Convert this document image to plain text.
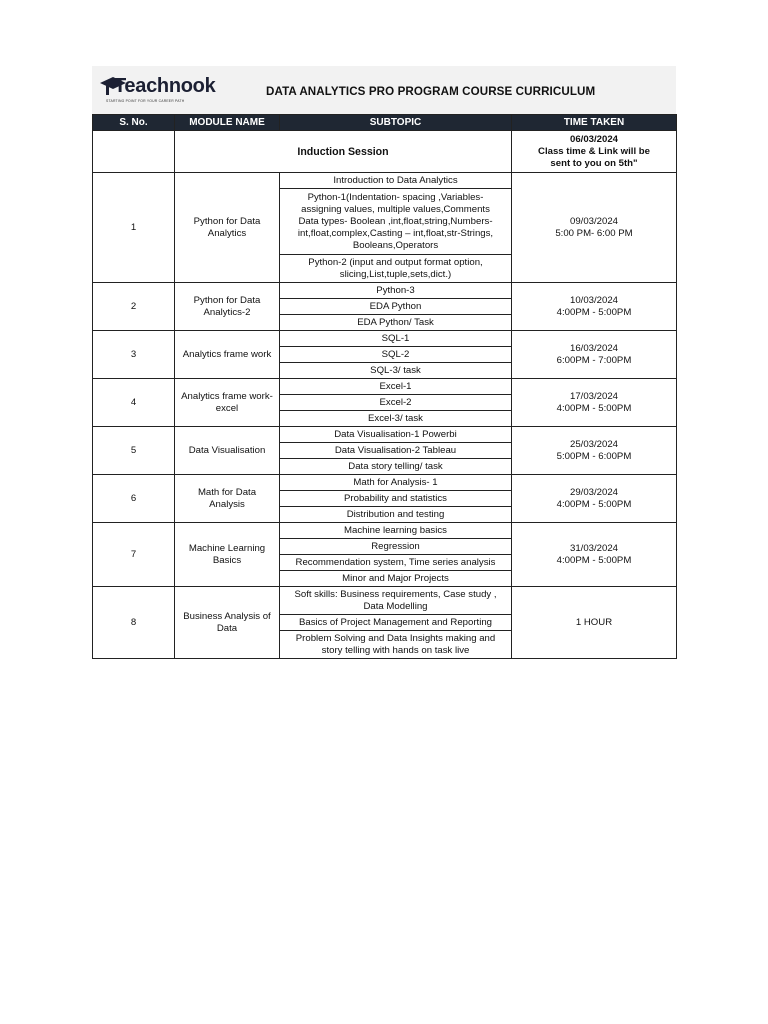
Teachnook
STARTING POINT FOR YOUR CAREER PATH
DATA ANALYTICS PRO PROGRAM COURSE CURRICULUM
S. No.	MODULE NAME	SUBTOPIC	TIME TAKEN
	Induction Session		06/03/2024
Class time & Link will be
sent to you on 5th"
1	Python for Data
Analytics	Introduction to Data Analytics	09/03/2024
5:00 PM- 6:00 PM
		Python-1(Indentation- spacing ,Variables-
assigning values, multiple values,Comments
Data types- Boolean ,int,float,string,Numbers-
int,float,complex,Casting – int,float,str-Strings,
Booleans,Operators	
		Python-2 (input and output format option,
slicing,List,tuple,sets,dict.)	
2	Python for Data
Analytics-2	Python-3	10/03/2024
4:00PM - 5:00PM
		EDA Python	
		EDA Python/ Task	
3	Analytics frame work	SQL-1	16/03/2024
6:00PM - 7:00PM
		SQL-2	
		SQL-3/ task	
4	Analytics frame work-
excel	Excel-1	17/03/2024
4:00PM - 5:00PM
		Excel-2	
		Excel-3/ task	
5	Data Visualisation	Data Visualisation-1 Powerbi	25/03/2024
5:00PM - 6:00PM
		Data Visualisation-2 Tableau	
		Data story telling/ task	
6	Math for Data
Analysis	Math for Analysis- 1	29/03/2024
4:00PM - 5:00PM
		Probability and statistics	
		Distribution and testing	
7	Machine Learning
Basics	Machine learning basics	31/03/2024
4:00PM - 5:00PM
		Regression	
		Recommendation system, Time series analysis	
		Minor and Major Projects	
8	Business Analysis of
Data	Soft skills: Business requirements, Case study ,
Data Modelling	1 HOUR
		Basics of Project Management and Reporting	
		Problem Solving and Data Insights making and
story telling with hands on task live	
